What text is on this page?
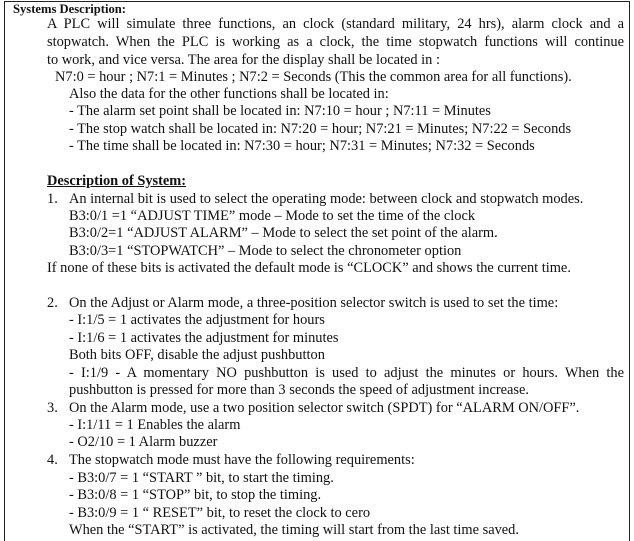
Systems Description:
A PLC will simulate three functions, an clock (standard military, 24 hrs), alarm clock and a
stopwatch. When the PLC is working as a clock, the time stopwatch functions will continue
to work, and vice versa. The area for the display shall be located in :
N7:0 = hour ; N7:1 = Minutes ; N7:2 = Seconds (This the common area for all functions).
Also the data for the other functions shall be located in:
- The alarm set point shall be located in: N7:10 = hour ; N7:11 = Minutes
- The stop watch shall be located in: N7:20 = hour; N7:21 = Minutes; N7:22 = Seconds
- The time shall be located in: N7:30 = hour; N7:31 = Minutes; N7:32 = Seconds
Description of System:
1. An internal bit is used to select the operating mode: between clock and stopwatch modes.
B3:0/1 =1 “ADJUST TIME” mode – Mode to set the time of the clock
B3:0/2=1 “ADJUST ALARM” – Mode to select the set point of the alarm.
B3:0/3=1 “STOPWATCH” – Mode to select the chronometer option
If none of these bits is activated the default mode is “CLOCK” and shows the current time.
2. On the Adjust or Alarm mode, a three-position selector switch is used to set the time:
- I:1/5 = 1 activates the adjustment for hours
- I:1/6 = 1 activates the adjustment for minutes
Both bits OFF, disable the adjust pushbutton
- I:1/9 - A momentary NO pushbutton is used to adjust the minutes or hours. When the
pushbutton is pressed for more than 3 seconds the speed of adjustment increase.
3. On the Alarm mode, use a two position selector switch (SPDT) for “ALARM ON/OFF”.
- I:1/11 = 1 Enables the alarm
- O2/10 = 1 Alarm buzzer
4. The stopwatch mode must have the following requirements:
- B3:0/7 = 1 “START ” bit, to start the timing.
- B3:0/8 = 1 “STOP” bit, to stop the timing.
- B3:0/9 = 1 “ RESET” bit, to reset the clock to cero
When the “START” is activated, the timing will start from the last time saved.
